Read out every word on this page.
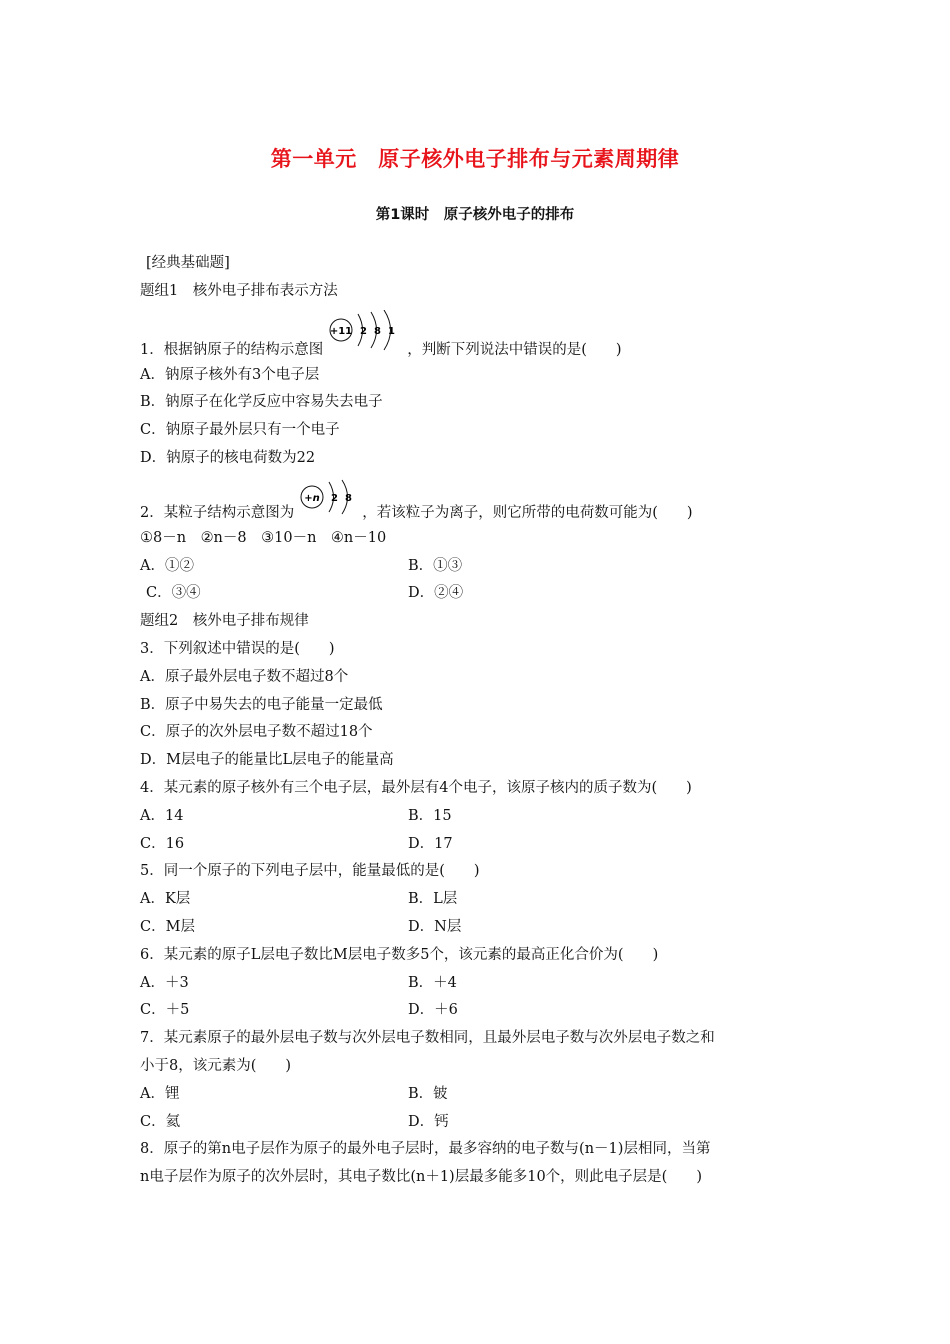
第一单元　原子核外电子排布与元素周期律
第1课时　原子核外电子的排布
[经典基础题]
题组1　核外电子排布表示方法
1．根据钠原子的结构示意图
+11 2 8 1
，判断下列说法中错误的是(　　)
A．钠原子核外有3个电子层
B．钠原子在化学反应中容易失去电子
C．钠原子最外层只有一个电子
D．钠原子的核电荷数为22
2．某粒子结构示意图为
+n 2 8
，若该粒子为离子，则它所带的电荷数可能为(　　)
①8－n　②n－8　③10－n　④n－10
A．①②	B．①③
C．③④	D．②④
题组2　核外电子排布规律
3．下列叙述中错误的是(　　)
A．原子最外层电子数不超过8个
B．原子中易失去的电子能量一定最低
C．原子的次外层电子数不超过18个
D．M层电子的能量比L层电子的能量高
4．某元素的原子核外有三个电子层，最外层有4个电子，该原子核内的质子数为(　　)
A．14	B．15
C．16	D．17
5．同一个原子的下列电子层中，能量最低的是(　　)
A．K层	B．L层
C．M层	D．N层
6．某元素的原子L层电子数比M层电子数多5个，该元素的最高正化合价为(　　)
A．＋3	B．＋4
C．＋5	D．＋6
7．某元素原子的最外层电子数与次外层电子数相同，且最外层电子数与次外层电子数之和
小于8，该元素为(　　)
A．锂	B．铍
C．氦	D．钙
8．原子的第n电子层作为原子的最外电子层时，最多容纳的电子数与(n－1)层相同，当第
n电子层作为原子的次外层时，其电子数比(n＋1)层最多能多10个，则此电子层是(　　)
